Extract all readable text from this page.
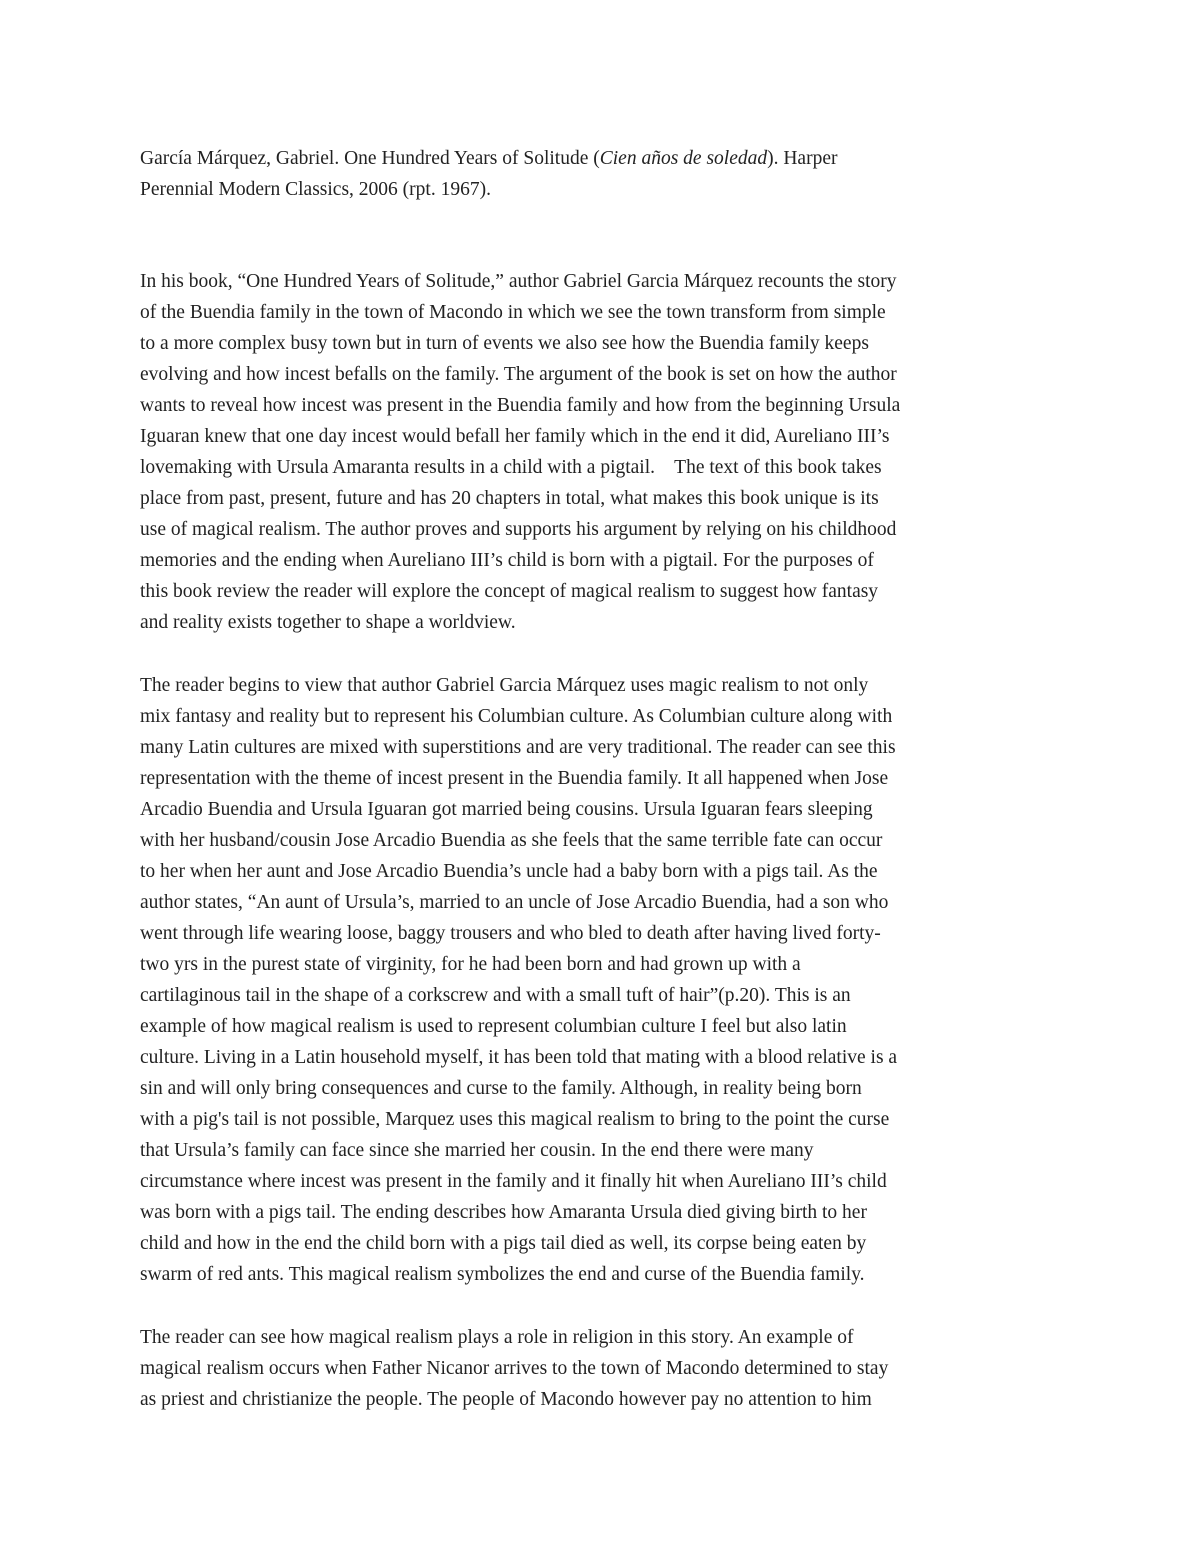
García Márquez, Gabriel. One Hundred Years of Solitude (Cien años de soledad). Harper
Perennial Modern Classics, 2006 (rpt. 1967).
In his book, “One Hundred Years of Solitude,” author Gabriel Garcia Márquez recounts the story
of the Buendia family in the town of Macondo in which we see the town transform from simple
to a more complex busy town but in turn of events we also see how the Buendia family keeps
evolving and how incest befalls on the family. The argument of the book is set on how the author
wants to reveal how incest was present in the Buendia family and how from the beginning Ursula
Iguaran knew that one day incest would befall her family which in the end it did, Aureliano III’s
lovemaking with Ursula Amaranta results in a child with a pigtail.    The text of this book takes
place from past, present, future and has 20 chapters in total, what makes this book unique is its
use of magical realism. The author proves and supports his argument by relying on his childhood
memories and the ending when Aureliano III’s child is born with a pigtail. For the purposes of
this book review the reader will explore the concept of magical realism to suggest how fantasy
and reality exists together to shape a worldview.
The reader begins to view that author Gabriel Garcia Márquez uses magic realism to not only
mix fantasy and reality but to represent his Columbian culture. As Columbian culture along with
many Latin cultures are mixed with superstitions and are very traditional. The reader can see this
representation with the theme of incest present in the Buendia family. It all happened when Jose
Arcadio Buendia and Ursula Iguaran got married being cousins. Ursula Iguaran fears sleeping
with her husband/cousin Jose Arcadio Buendia as she feels that the same terrible fate can occur
to her when her aunt and Jose Arcadio Buendia’s uncle had a baby born with a pigs tail. As the
author states, “An aunt of Ursula’s, married to an uncle of Jose Arcadio Buendia, had a son who
went through life wearing loose, baggy trousers and who bled to death after having lived forty-
two yrs in the purest state of virginity, for he had been born and had grown up with a
cartilaginous tail in the shape of a corkscrew and with a small tuft of hair”(p.20). This is an
example of how magical realism is used to represent columbian culture I feel but also latin
culture. Living in a Latin household myself, it has been told that mating with a blood relative is a
sin and will only bring consequences and curse to the family. Although, in reality being born
with a pig's tail is not possible, Marquez uses this magical realism to bring to the point the curse
that Ursula’s family can face since she married her cousin. In the end there were many
circumstance where incest was present in the family and it finally hit when Aureliano III’s child
was born with a pigs tail. The ending describes how Amaranta Ursula died giving birth to her
child and how in the end the child born with a pigs tail died as well, its corpse being eaten by
swarm of red ants. This magical realism symbolizes the end and curse of the Buendia family.
The reader can see how magical realism plays a role in religion in this story. An example of
magical realism occurs when Father Nicanor arrives to the town of Macondo determined to stay
as priest and christianize the people. The people of Macondo however pay no attention to him
